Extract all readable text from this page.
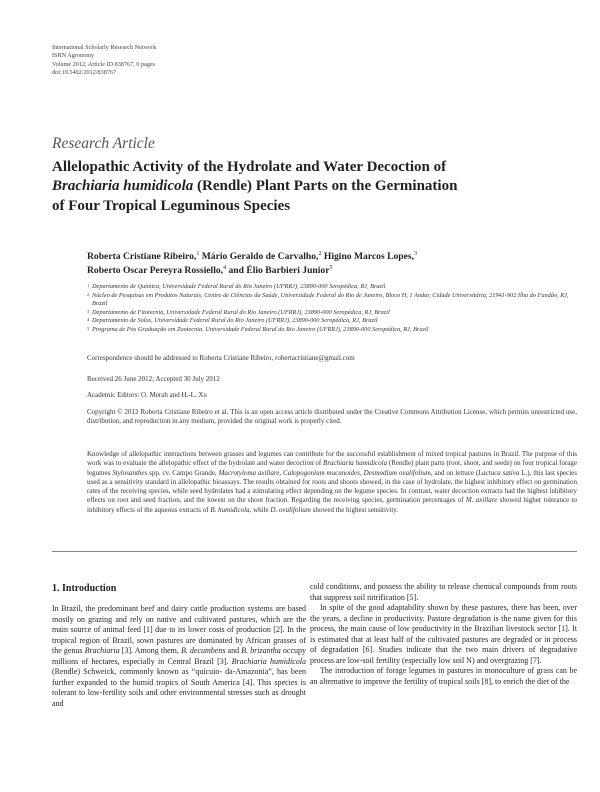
International Scholarly Research Network
ISRN Agronomy
Volume 2012, Article ID 838767, 6 pages
doi:10.5402/2012/838767
Research Article
Allelopathic Activity of the Hydrolate and Water Decoction of
Brachiaria humidicola (Rendle) Plant Parts on the Germination
of Four Tropical Leguminous Species
Roberta Cristiane Ribeiro,$^1$ Mário Geraldo de Carvalho,$^2$ Higino Marcos Lopes,$^3$
Roberto Oscar Pereyra Rossiello,$^4$ and Élio Barbieri Junior$^5$
1 Departamento de Química, Universidade Federal Rural do Rio Janeiro (UFRRJ), 23890-000 Seropédica, RJ, Brazil
2 Núcleo de Pesquisas em Produtos Naturais, Centro de Ciências da Saúde, Universidade Federal do Rio de Janeiro, Bloco H, 1 Andar, Cidade Universitária, 21941-902 Ilha do Fundão, RJ, Brazil
3 Departamento de Fitotecnia, Universidade Federal Rural do Rio Janeiro (UFRRJ), 23890-000 Seropédica, RJ, Brazil
4 Departamento de Solos, Universidade Federal Rural do Rio Janeiro (UFRRJ), 23890-000 Seropédica, RJ, Brazil
5 Programa de Pós Graduação em Zootecnia, Universidade Federal Rural do Rio Janeiro (UFRRJ), 23890-000 Seropédica, RJ, Brazil
Correspondence should be addressed to Roberta Cristiane Ribeiro, robertacristiane@gmail.com
Received 26 June 2012; Accepted 30 July 2012
Academic Editors: O. Merah and H.-L. Xu
Copyright © 2012 Roberta Cristiane Ribeiro et al. This is an open access article distributed under the Creative Commons Attribution License, which permits unrestricted use, distribution, and reproduction in any medium, provided the original work is properly cited.
Knowledge of allelopathic interactions between grasses and legumes can contribute for the successful establishment of mixed tropical pastures in Brazil. The purpose of this work was to evaluate the allelopathic effect of the hydrolate and water decoction of Brachiaria humidicola (Rendle) plant parts (root, shoot, and seeds) on four tropical forage legumes Stylosanthes spp. cv. Campo Grande, Macrotyloma axillare, Calopogonium mucunoides, Desmodium ovalifolium, and on lettuce (Lactuca sativa L.), this last species used as a sensitivity standard in allelopathic bioassays. The results obtained for roots and shoots showed, in the case of hydrolate, the highest inhibitory effect on germination rates of the receiving species, while seed hydrolates had a stimulating effect depending on the legume species. In contrast, water decoction extracts had the highest inhibitory effects on root and seed fraction, and the lowest on the shoot fraction. Regarding the receiving species, germination percentages of M. axillare showed higher tolerance to inhibitory effects of the aqueous extracts of B. humidicola, while D. ovalifolium showed the highest sensitivity.
1. Introduction

In Brazil, the predominant beef and dairy cattle production systems are based mostly on grazing and rely on native and cultivated pastures, which are the main source of animal feed [1] due to its lower costs of production [2]. In the tropical region of Brazil, sown pastures are dominated by African grasses of the genus Brachiaria [3]. Among them, B. decumbens and B. brizantha occupy millions of hectares, especially in Central Brazil [3]. Brachiaria humidicola (Rendle) Schweick, commonly known as “quicuio- da-Amazonia”, has been further expanded to the humid tropics of South America [4]. This species is tolerant to low-fertility soils and other environmental stresses such as drought and

cold conditions, and possess the ability to release chemical compounds from roots that suppress soil nitrification [5].

In spite of the good adaptability shown by these pastures, there has been, over the years, a decline in productivity. Pasture degradation is the name given for this process, the main cause of low productivity in the Brazilian livestock sector [1]. It is estimated that at least half of the cultivated pastures are degraded or in process of degradation [6]. Studies indicate that the two main drivers of degradative process are low-soil fertility (especially low soil N) and overgrazing [7].

The introduction of forage legumes in pastures in monoculture of grass can be an alternative to improve the fertility of tropical soils [8], to enrich the diet of the
